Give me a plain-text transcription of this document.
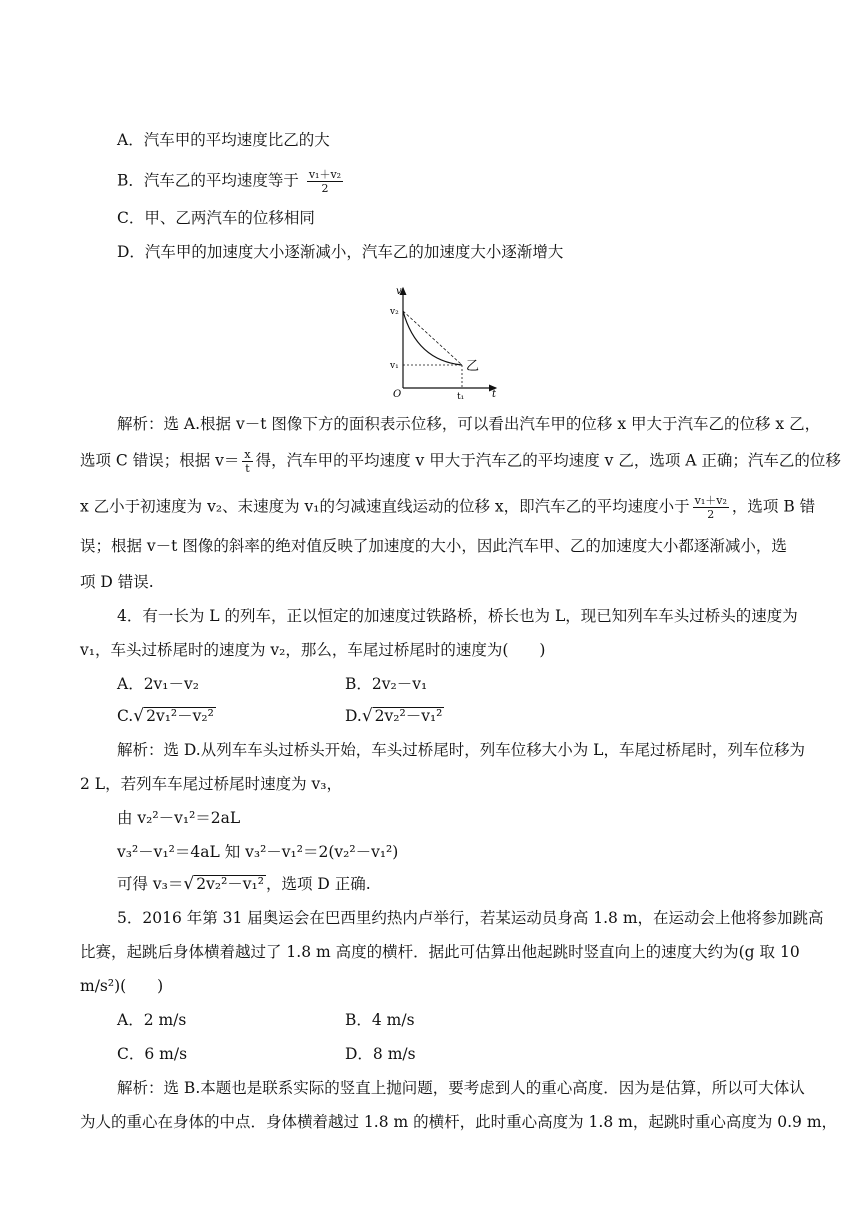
A．汽车甲的平均速度比乙的大
B．汽车乙的平均速度等于 $\frac{\text{v₁＋v₂}}{2}$
C．甲、乙两汽车的位移相同
D．汽车甲的加速度大小逐渐减小，汽车乙的加速度大小逐渐增大
v
t
O
v₂
v₁
t₁
乙
解析：选 A.根据 v－t 图像下方的面积表示位移，可以看出汽车甲的位移 x 甲大于汽车乙的位移 x 乙，
选项 C 错误；根据 $v= \frac{x}{t}$ 得，汽车甲的平均速度 v 甲大于汽车乙的平均速度 v 乙，选项 A 正确；汽车乙的位移
x 乙小于初速度为 v₂、末速度为 v₁的匀减速直线运动的位移 x，即汽车乙的平均速度小于 $\frac{\text{v₁＋v₂}}{2}$ ，选项 B 错
误；根据 v－t 图像的斜率的绝对值反映了加速度的大小，因此汽车甲、乙的加速度大小都逐渐减小，选
项 D 错误.
4．有一长为 L 的列车，正以恒定的加速度过铁路桥，桥长也为 L，现已知列车车头过桥头的速度为
v₁，车头过桥尾时的速度为 v₂，那么，车尾过桥尾时的速度为(　　)
A．2v₁－v₂	B．2v₂－v₁
C.√ 2v₁²－v₂²	D.√ 2v₂²－v₁²
解析：选 D.从列车车头过桥头开始，车头过桥尾时，列车位移大小为 L，车尾过桥尾时，列车位移为
2 L，若列车车尾过桥尾时速度为 v₃，
由 v₂²－v₁²＝2aL
v₃²－v₁²＝4aL 知 v₃²－v₁²＝2(v₂²－v₁²)
可得 v₃＝√ 2v₂²－v₁² ，选项 D 正确.
5．2016 年第 31 届奥运会在巴西里约热内卢举行，若某运动员身高 1.8 m，在运动会上他将参加跳高
比赛，起跳后身体横着越过了 1.8 m 高度的横杆．据此可估算出他起跳时竖直向上的速度大约为(g 取 10
m/s²)(　　)
A．2 m/s	B．4 m/s
C．6 m/s	D．8 m/s
解析：选 B.本题也是联系实际的竖直上抛问题，要考虑到人的重心高度．因为是估算，所以可大体认
为人的重心在身体的中点．身体横着越过 1.8 m 的横杆，此时重心高度为 1.8 m，起跳时重心高度为 0.9 m，
